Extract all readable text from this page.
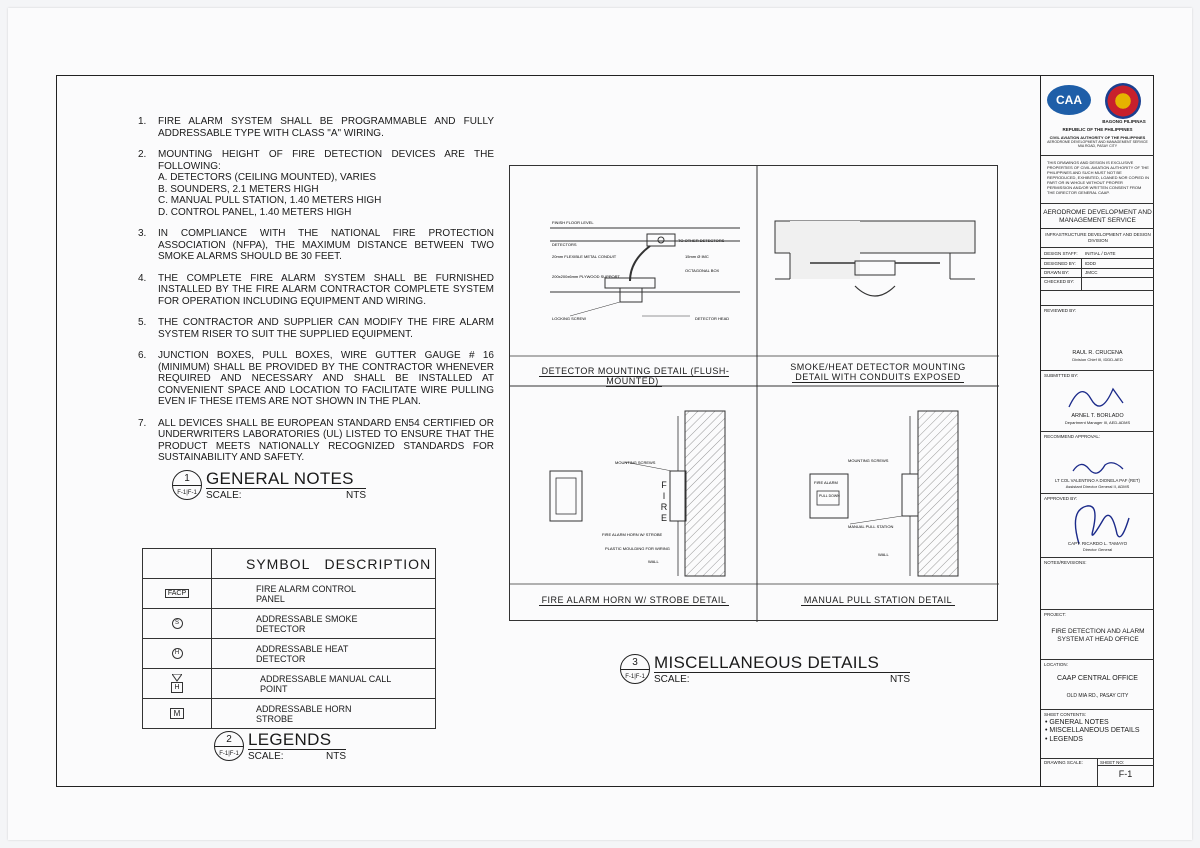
1.	FIRE ALARM SYSTEM SHALL BE PROGRAMMABLE AND FULLY ADDRESSABLE TYPE WITH CLASS "A" WIRING.
2.	MOUNTING HEIGHT OF FIRE DETECTION DEVICES ARE THE FOLLOWING:
A. DETECTORS (CEILING MOUNTED), VARIES
B. SOUNDERS, 2.1 METERS HIGH
C. MANUAL PULL STATION, 1.40 METERS HIGH
D. CONTROL PANEL, 1.40 METERS HIGH
3.	IN COMPLIANCE WITH THE NATIONAL FIRE PROTECTION ASSOCIATION (NFPA), THE MAXIMUM DISTANCE BETWEEN TWO SMOKE ALARMS SHOULD BE 30 FEET.
4.	THE COMPLETE FIRE ALARM SYSTEM SHALL BE FURNISHED INSTALLED BY THE FIRE ALARM CONTRACTOR COMPLETE SYSTEM FOR OPERATION INCLUDING EQUIPMENT AND WIRING.
5.	THE CONTRACTOR AND SUPPLIER CAN MODIFY THE FIRE ALARM SYSTEM RISER TO SUIT THE SUPPLIED EQUIPMENT.
6.	JUNCTION BOXES, PULL BOXES, WIRE GUTTER GAUGE # 16 (MINIMUM) SHALL BE PROVIDED BY THE CONTRACTOR WHENEVER REQUIRED AND NECESSARY AND SHALL BE INSTALLED AT CONVENIENT SPACE AND LOCATION TO FACILITATE WIRE PULLING EVEN IF THESE ITEMS ARE NOT SHOWN IN THE PLAN.
7.	ALL DEVICES SHALL BE EUROPEAN STANDARD EN54 CERTIFIED OR UNDERWRITERS LABORATORIES (UL) LISTED TO ENSURE THAT THE PRODUCT MEETS NATIONALLY RECOGNIZED STANDARDS FOR SUSTAINABILITY AND SAFETY.
1
F-1|F-1
GENERAL NOTES
SCALE:	NTS
SYMBOL   DESCRIPTION
FACP	FIRE ALARM CONTROL
PANEL
S	ADDRESSABLE SMOKE
DETECTOR
H	ADDRESSABLE HEAT
DETECTOR
H
ADDRESSABLE MANUAL CALL
POINT
M	ADDRESSABLE HORN
STROBE
2
F-1|F-1
LEGENDS
SCALE:	NTS
FINISH FLOOR LEVEL
DETECTORS
TO OTHER DETECTORS
20mm FLEXIBLE METAL CONDUIT	15mm Ø IMC
OCTAGONAL BOX
200x200x6mm PLYWOOD SUPPORT
LOCKING SCREW	DETECTOR HEAD
MOUNTING SCREWS
FIRE ALARM HORN W/ STROBE
PLASTIC MOULDING FOR WIRING
WALL
MOUNTING SCREWS
FIRE ALARM
PULL DOWN
MANUAL PULL STATION
WALL
DETECTOR MOUNTING DETAIL (FLUSH-MOUNTED)
SMOKE/HEAT DETECTOR MOUNTING
DETAIL WITH CONDUITS EXPOSED
FIRE ALARM HORN W/ STROBE DETAIL	MANUAL PULL STATION DETAIL
F
I
R
E
3
F-1|F-1
MISCELLANEOUS DETAILS
SCALE:	NTS
CAA
BAGONG PILIPINAS
REPUBLIC OF THE PHILIPPINES
CIVIL AVIATION AUTHORITY OF THE PHILIPPINES
AERODROME DEVELOPMENT AND MANAGEMENT SERVICE
MIA ROAD, PASAY CITY
THIS DRAWINGS AND DESIGN IS EXCLUSIVE PROPERTIES OF CIVIL AVIATION AUTHORITY OF THE PHILIPPINES AND SUCH MUST NOT BE REPRODUCED, EXHIBITED, LOANED NOR COPIED IN PART OR IN WHOLE WITHOUT PROPER PERMISSION AND/OR WRITTEN CONSENT FROM THE DIRECTOR GENERAL CAAP.
AERODROME DEVELOPMENT AND MANAGEMENT SERVICE
INFRASTRUCTURE DEVELOPMENT AND DESIGN DIVISION
DESIGN STAFF: INITIAL / DATE
DESIGNED BY: IDDD
DRAWN BY:	JMCC
CHECKED BY:
REVIEWED BY:
RAUL R. CRUCENA
Division Chief III, IDDD-AED
SUBMITTED BY:
ARNEL T. BORLADO
Department Manager III, AED-ADMS
RECOMMEND APPROVAL:
LT COL VALENTINO A DIONELA PAF (RET)
Assistant Director General II, ADMS
APPROVED BY:
CAPT. RICARDO L. TAMAYO
Director General
NOTES/REVISIONS:
PROJECT:
FIRE DETECTION AND ALARM SYSTEM AT HEAD OFFICE
LOCATION:
CAAP CENTRAL OFFICE
OLD MIA RD., PASAY CITY
SHEET CONTENTS:
• GENERAL NOTES
• MISCELLANEOUS DETAILS
• LEGENDS
DRAWING SCALE:	SHEET NO:
F-1
